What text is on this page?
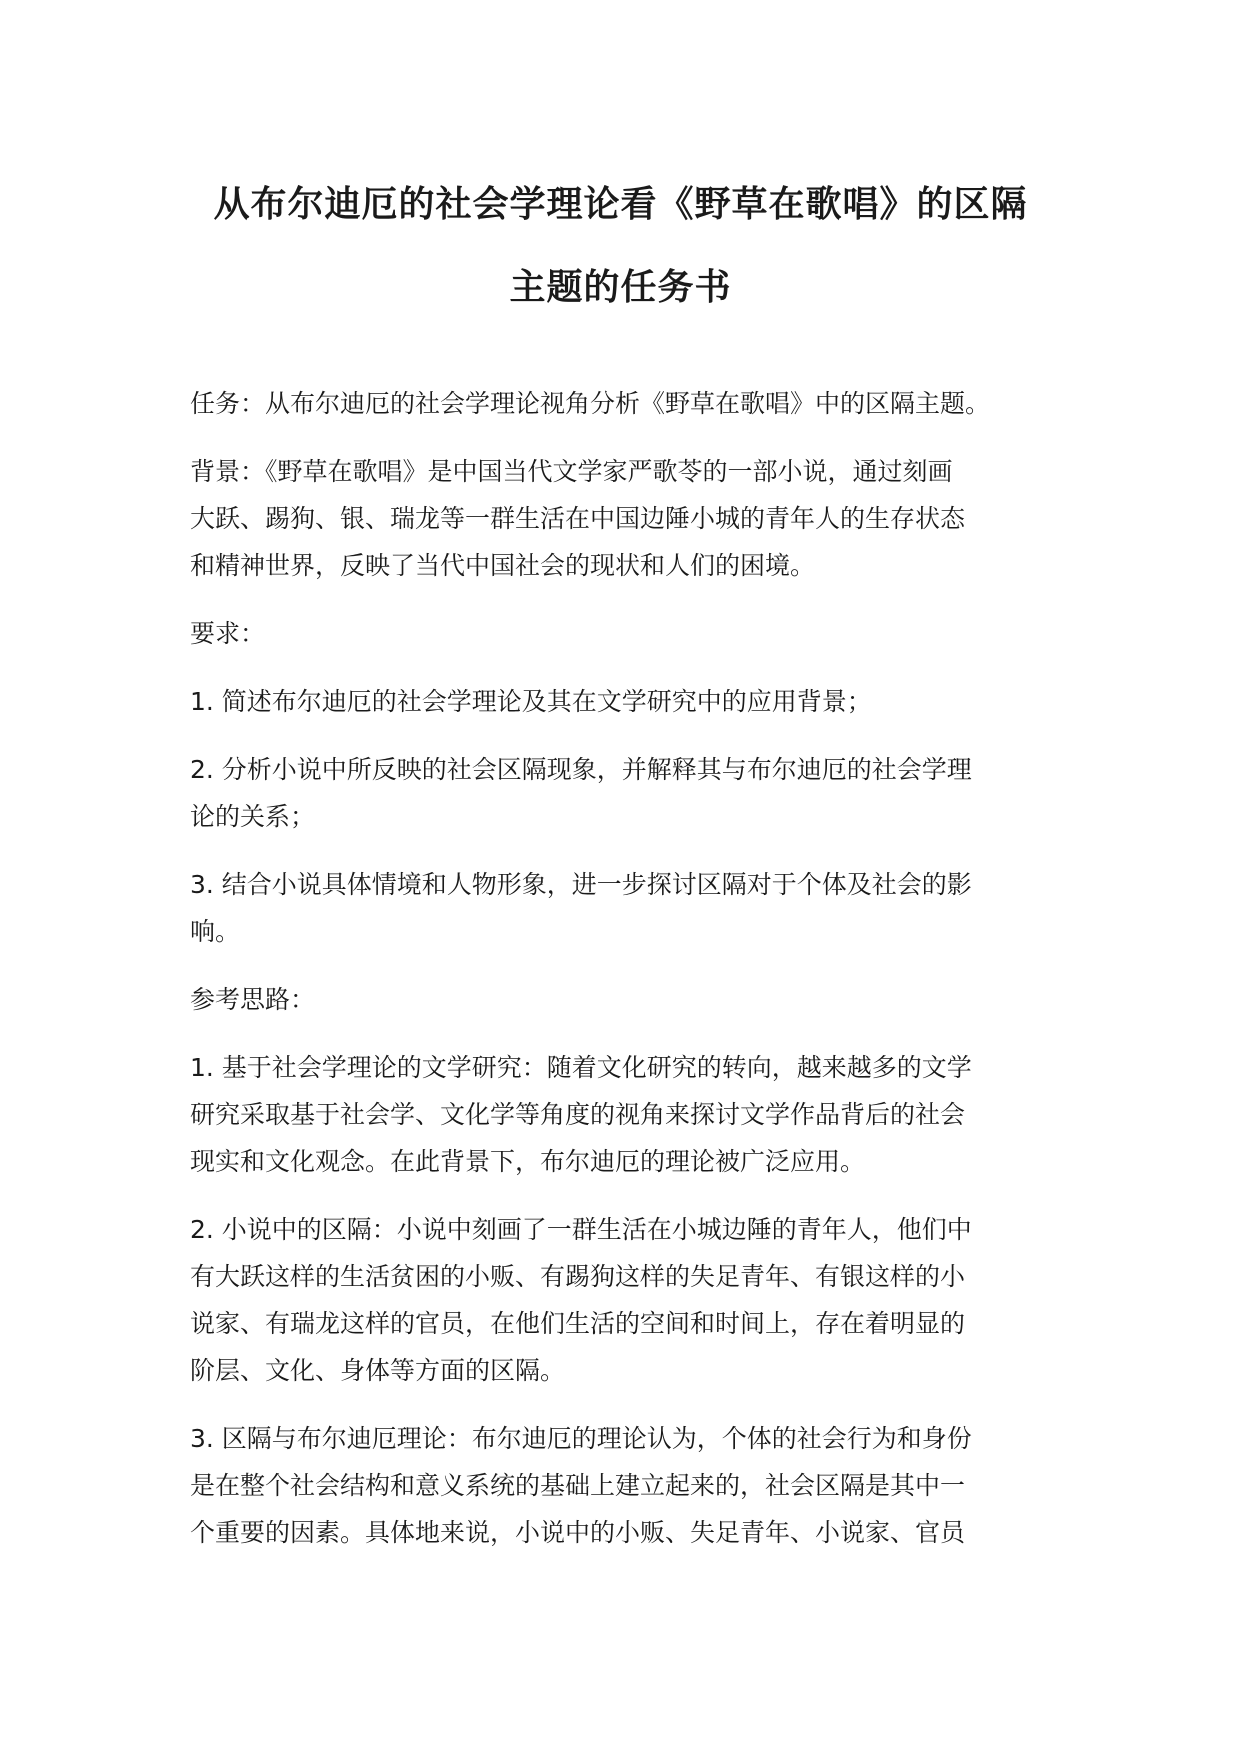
从布尔迪厄的社会学理论看《野草在歌唱》的区隔
主题的任务书

任务：从布尔迪厄的社会学理论视角分析《野草在歌唱》中的区隔主题。

背景：《野草在歌唱》是中国当代文学家严歌苓的一部小说，通过刻画
大跃、踢狗、银、瑞龙等一群生活在中国边陲小城的青年人的生存状态
和精神世界，反映了当代中国社会的现状和人们的困境。

要求：

1. 简述布尔迪厄的社会学理论及其在文学研究中的应用背景；

2. 分析小说中所反映的社会区隔现象，并解释其与布尔迪厄的社会学理
论的关系；

3. 结合小说具体情境和人物形象，进一步探讨区隔对于个体及社会的影
响。

参考思路：

1. 基于社会学理论的文学研究：随着文化研究的转向，越来越多的文学
研究采取基于社会学、文化学等角度的视角来探讨文学作品背后的社会
现实和文化观念。在此背景下，布尔迪厄的理论被广泛应用。

2. 小说中的区隔：小说中刻画了一群生活在小城边陲的青年人，他们中
有大跃这样的生活贫困的小贩、有踢狗这样的失足青年、有银这样的小
说家、有瑞龙这样的官员，在他们生活的空间和时间上，存在着明显的
阶层、文化、身体等方面的区隔。

3. 区隔与布尔迪厄理论：布尔迪厄的理论认为，个体的社会行为和身份
是在整个社会结构和意义系统的基础上建立起来的，社会区隔是其中一
个重要的因素。具体地来说，小说中的小贩、失足青年、小说家、官员
